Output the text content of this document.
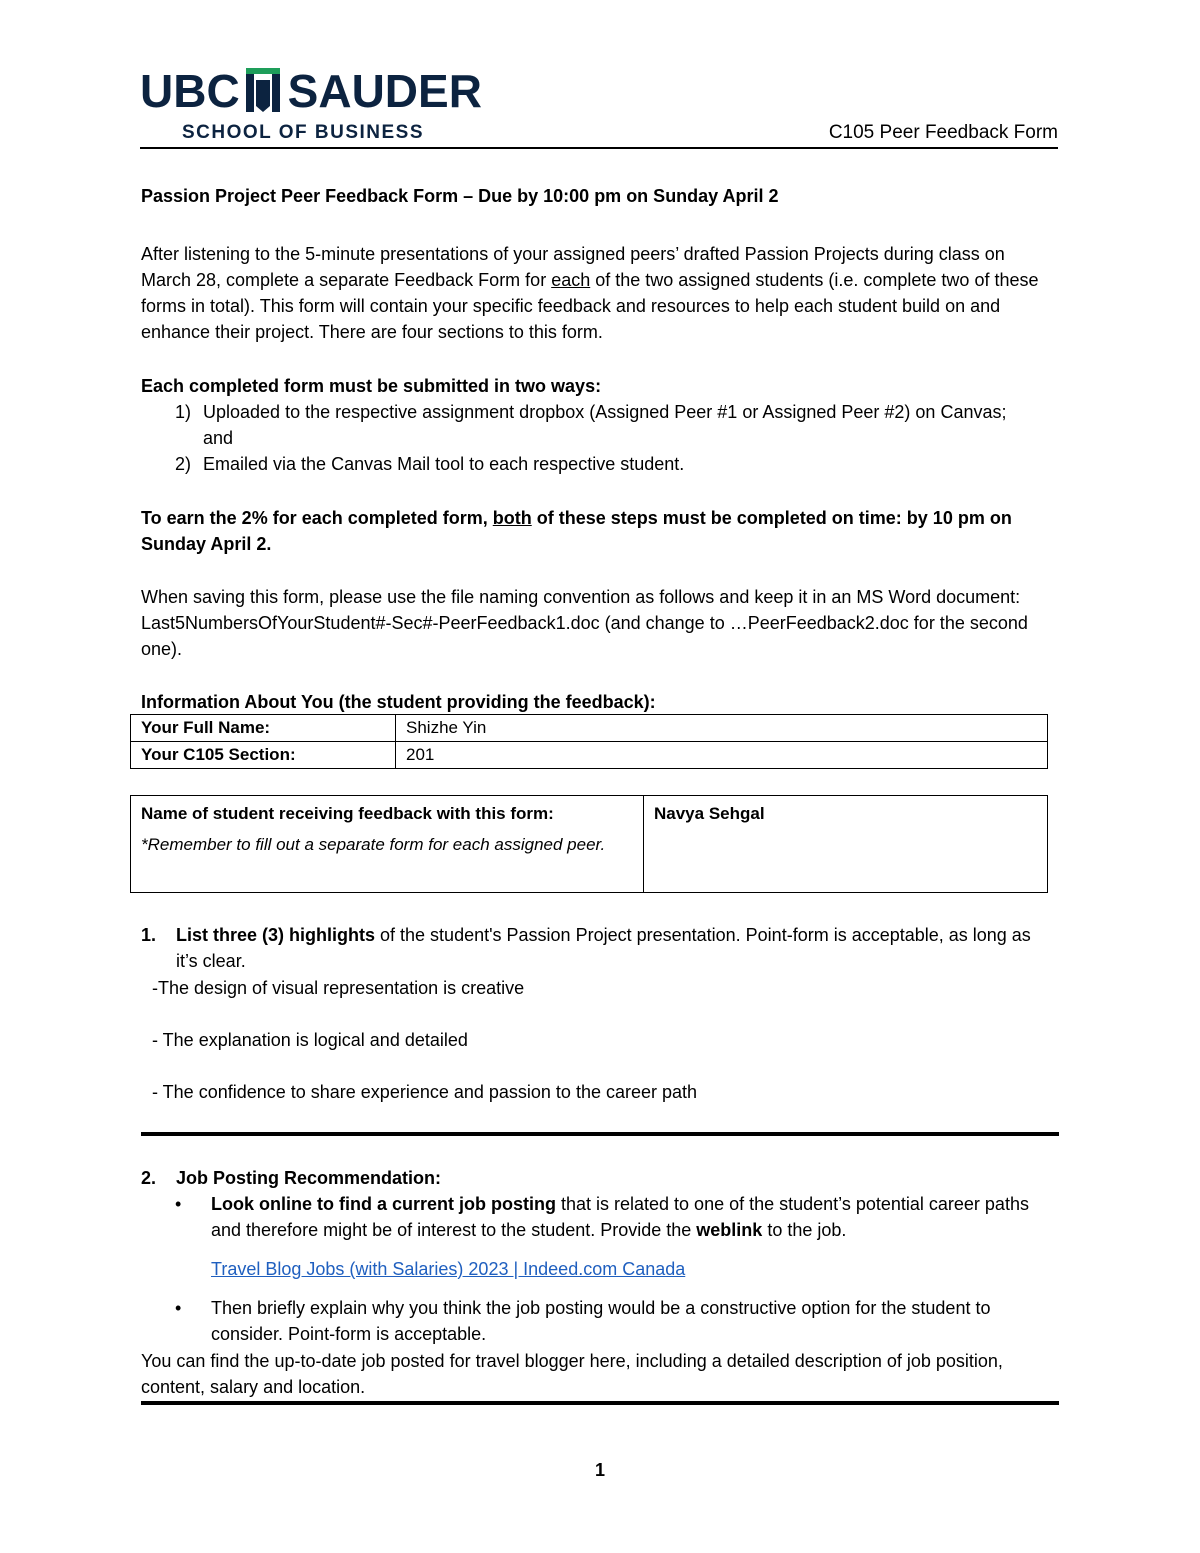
UBC SAUDER
SCHOOL OF BUSINESS	C105 Peer Feedback Form
Passion Project Peer Feedback Form – Due by 10:00 pm on Sunday April 2
After listening to the 5-minute presentations of your assigned peers’ drafted Passion Projects during class on March 28, complete a separate Feedback Form for each of the two assigned students (i.e. complete two of these forms in total). This form will contain your specific feedback and resources to help each student build on and enhance their project. There are four sections to this form.
Each completed form must be submitted in two ways:
1) Uploaded to the respective assignment dropbox (Assigned Peer #1 or Assigned Peer #2) on Canvas; and
2) Emailed via the Canvas Mail tool to each respective student.
To earn the 2% for each completed form, both of these steps must be completed on time: by 10 pm on Sunday April 2.
When saving this form, please use the file naming convention as follows and keep it in an MS Word document: Last5NumbersOfYourStudent#-Sec#-PeerFeedback1.doc (and change to …PeerFeedback2.doc for the second one).
Information About You (the student providing the feedback):
Your Full Name:	Shizhe Yin
Your C105 Section:	201
Name of student receiving feedback with this form:
*Remember to fill out a separate form for each assigned peer.
	Navya Sehgal
1. List three (3) highlights of the student's Passion Project presentation. Point-form is acceptable, as long as it’s clear.
-The design of visual representation is creative
- The explanation is logical and detailed
- The confidence to share experience and passion to the career path
2. Job Posting Recommendation:
• Look online to find a current job posting that is related to one of the student’s potential career paths and therefore might be of interest to the student. Provide the weblink to the job.
Travel Blog Jobs (with Salaries) 2023 | Indeed.com Canada
• Then briefly explain why you think the job posting would be a constructive option for the student to consider. Point-form is acceptable.
You can find the up-to-date job posted for travel blogger here, including a detailed description of job position, content, salary and location.
1
